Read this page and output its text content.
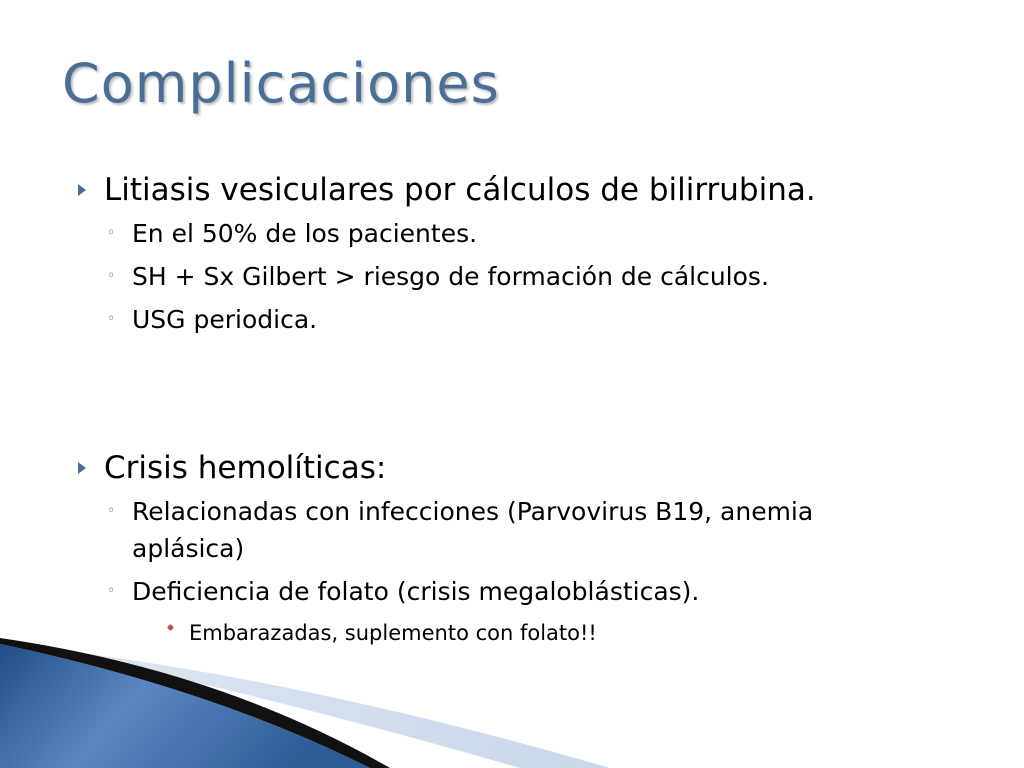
Complicaciones
Litiasis vesiculares por cálculos de bilirrubina.
◦ En el 50% de los pacientes.
◦ SH + Sx Gilbert > riesgo de formación de cálculos.
◦ USG periodica.
Crisis hemolíticas:
◦ Relacionadas con infecciones (Parvovirus B19, anemia aplásica)
◦ Deficiencia de folato (crisis megaloblásticas).
Embarazadas, suplemento con folato!!
